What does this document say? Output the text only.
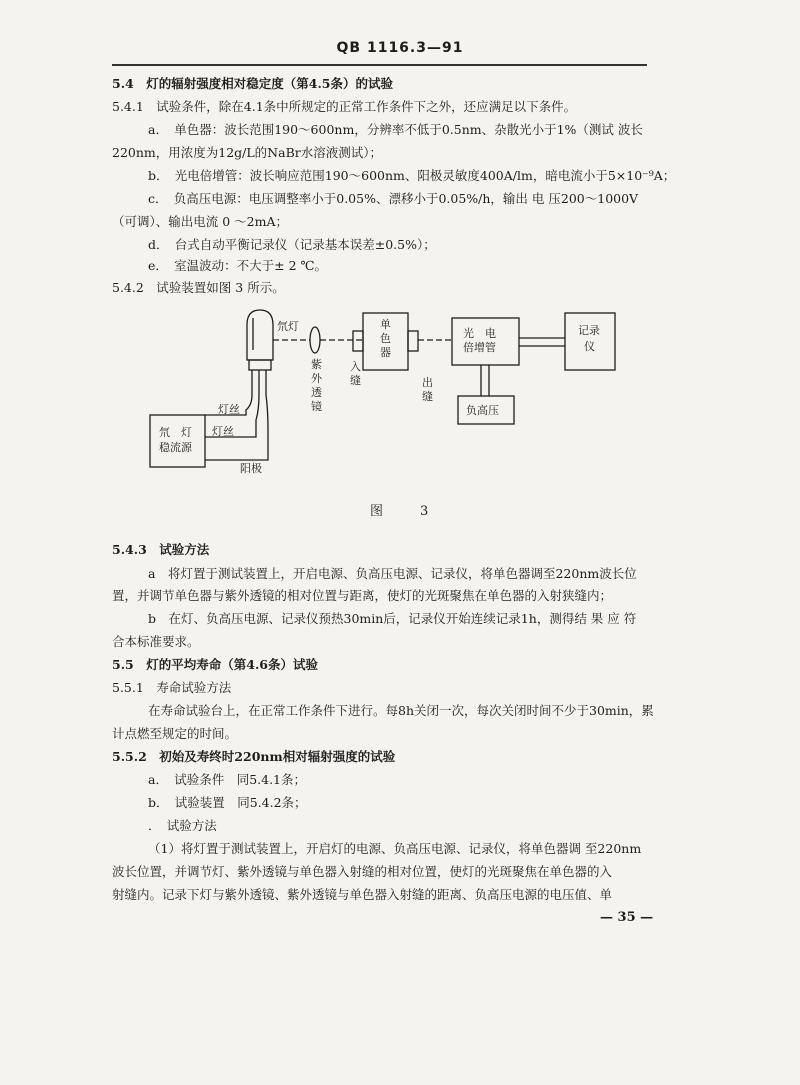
QB 1116.3—91
5.4　灯的辐射强度相对稳定度（第4.5条）的试验
5.4.1　试验条件，除在4.1条中所规定的正常工作条件下之外，还应满足以下条件。
a．　单色器：波长范围190～600nm，分辨率不低于0.5nm、杂散光小于1%（测试 波长
220nm，用浓度为12g/L的NaBr水溶液测试）；
b．　光电倍增管：波长响应范围190～600nm、阳极灵敏度400A/lm，暗电流小于5×10⁻⁹A；
c．　负高压电源：电压调整率小于0.05%、漂移小于0.05%/h，输出 电 压200～1000V
（可调）、输出电流 0 ～2mA；
d．　台式自动平衡记录仪（记录基本误差±0.5%）；
e．　室温波动：不大于± 2 ℃。
5.4.2　试验装置如图 3 所示。
氘灯
紫
外
透
镜
入
缝
单
色
器
出
缝
光　电
倍增管
记录
仪
负高压
氘　灯
稳流源
灯丝
灯丝
阳极
图　3
5.4.3　试验方法
a　将灯置于测试装置上，开启电源、负高压电源、记录仪，将单色器调至220nm波长位
置，并调节单色器与紫外透镜的相对位置与距离，使灯的光斑聚焦在单色器的入射狭缝内；
b　在灯、负高压电源、记录仪预热30min后，记录仪开始连续记录1h，测得结 果 应 符
合本标准要求。
5.5　灯的平均寿命（第4.6条）试验
5.5.1　寿命试验方法
在寿命试验台上，在正常工作条件下进行。每8h关闭一次，每次关闭时间不少于30min，累
计点燃至规定的时间。
5.5.2　初始及寿终时220nm相对辐射强度的试验
a．　试验条件　同5.4.1条；
b．　试验装置　同5.4.2条；
．　试验方法
（1）将灯置于测试装置上，开启灯的电源、负高压电源、记录仪，将单色器调 至220nm
波长位置，并调节灯、紫外透镜与单色器入射缝的相对位置，使灯的光斑聚焦在单色器的入
射缝内。记录下灯与紫外透镜、紫外透镜与单色器入射缝的距离、负高压电源的电压值、单
— 35 —
